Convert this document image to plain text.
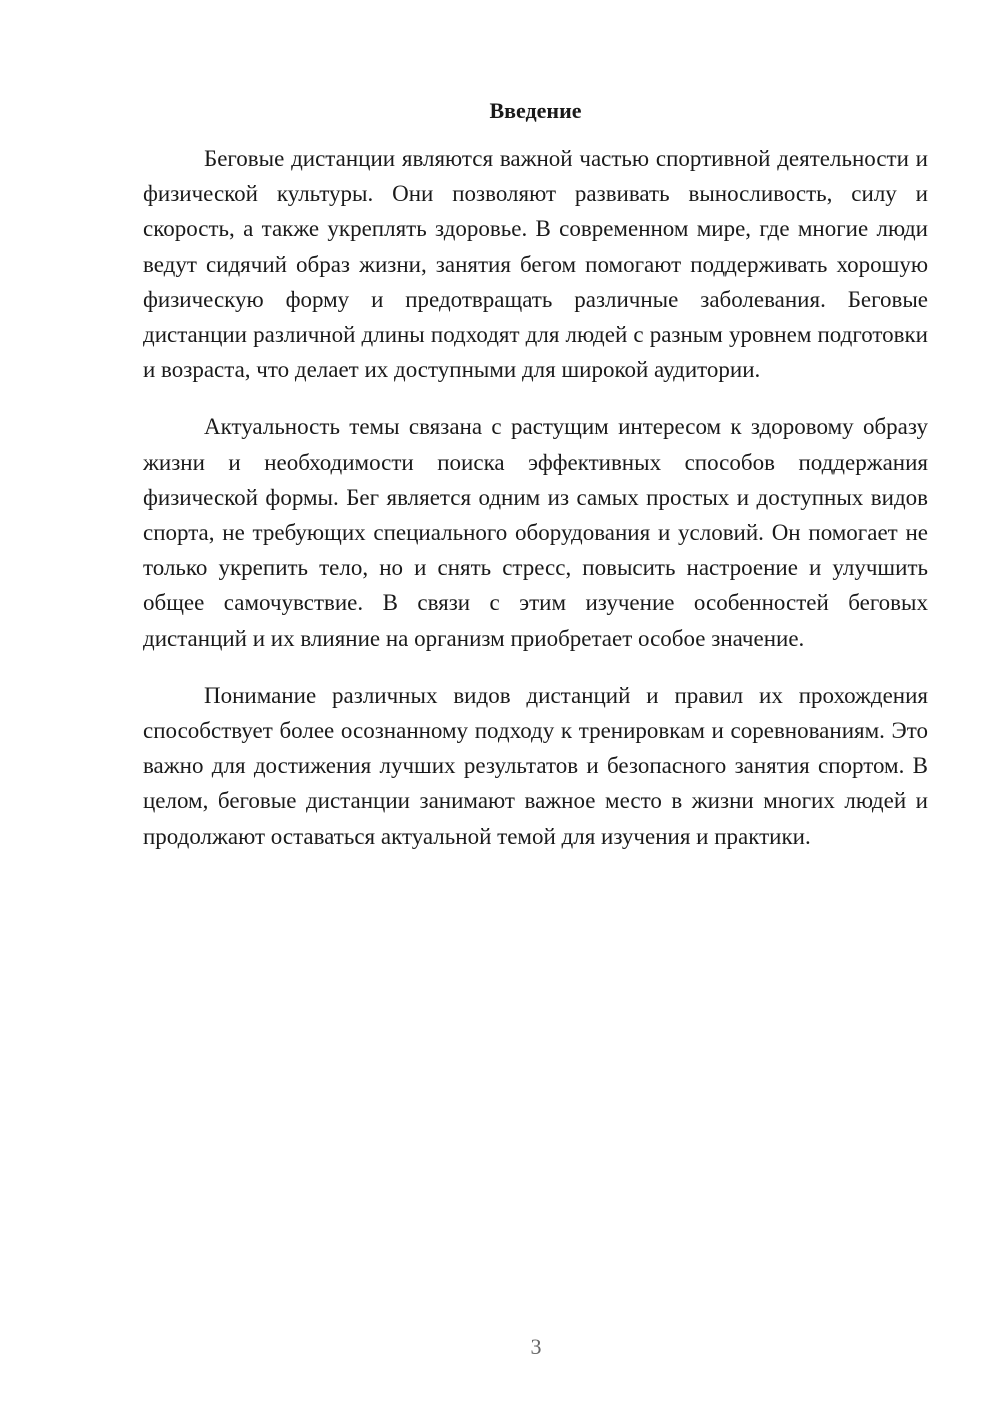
Введение

Беговые дистанции являются важной частью спортивной деятельности и физической культуры. Они позволяют развивать выносливость, силу и скорость, а также укреплять здоровье. В современном мире, где многие люди ведут сидячий образ жизни, занятия бегом помогают поддерживать хорошую физическую форму и предотвращать различные заболевания. Беговые дистанции различной длины подходят для людей с разным уровнем подготовки и возраста, что делает их доступными для широкой аудитории.

Актуальность темы связана с растущим интересом к здоровому образу жизни и необходимости поиска эффективных способов поддержания физической формы. Бег является одним из самых простых и доступных видов спорта, не требующих специального оборудования и условий. Он помогает не только укрепить тело, но и снять стресс, повысить настроение и улучшить общее самочувствие. В связи с этим изучение особенностей беговых дистанций и их влияние на организм приобретает особое значение.

Понимание различных видов дистанций и правил их прохождения способствует более осознанному подходу к тренировкам и соревнованиям. Это важно для достижения лучших результатов и безопасного занятия спортом. В целом, беговые дистанции занимают важное место в жизни многих людей и продолжают оставаться актуальной темой для изучения и практики.

3
